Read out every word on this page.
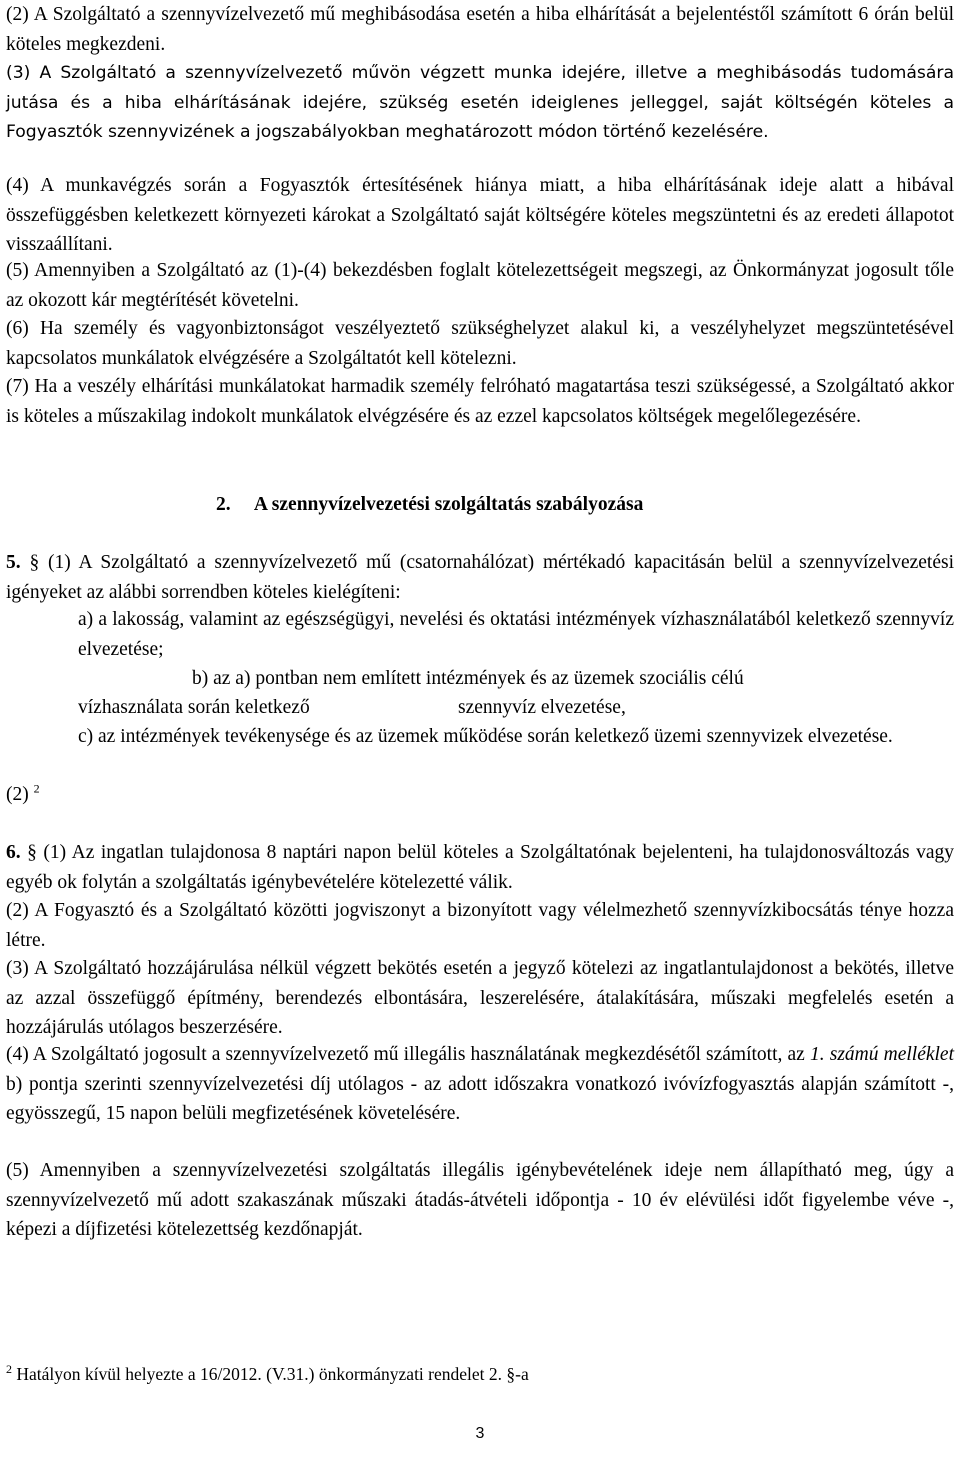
(2) A Szolgáltató a szennyvízelvezető mű meghibásodása esetén a hiba elhárítását a bejelentéstől számított 6 órán belül köteles megkezdeni.

(3) A Szolgáltató a szennyvízelvezető művön végzett munka idejére, illetve a meghibásodás tudomására jutása és a hiba elhárításának idejére, szükség esetén ideiglenes jelleggel, saját költségén köteles a Fogyasztók szennyvizének a jogszabályokban meghatározott módon történő kezelésére.

(4) A munkavégzés során a Fogyasztók értesítésének hiánya miatt, a hiba elhárításának ideje alatt a hibával összefüggésben keletkezett környezeti károkat a Szolgáltató saját költségére köteles megszüntetni és az eredeti állapotot visszaállítani.

(5) Amennyiben a Szolgáltató az (1)-(4) bekezdésben foglalt kötelezettségeit megszegi, az Önkormányzat jogosult tőle az okozott kár megtérítését követelni.

(6) Ha személy és vagyonbiztonságot veszélyeztető szükséghelyzet alakul ki, a veszélyhelyzet megszüntetésével kapcsolatos munkálatok elvégzésére a Szolgáltatót kell kötelezni.

(7) Ha a veszély elhárítási munkálatokat harmadik személy felróható magatartása teszi szükségessé, a Szolgáltató akkor is köteles a műszakilag indokolt munkálatok elvégzésére és az ezzel kapcsolatos költségek megelőlegezésére.

2.     A szennyvízelvezetési szolgáltatás szabályozása

5. § (1) A Szolgáltató a szennyvízelvezető mű (csatornahálózat) mértékadó kapacitásán belül a szennyvízelvezetési igényeket az alábbi sorrendben köteles kielégíteni:

a) a lakosság, valamint az egészségügyi, nevelési és oktatási intézmények vízhasználatából keletkező szennyvíz elvezetése;

b) az a) pontban nem említett intézmények és az üzemek szociális célú

vízhasználata során keletkező	szennyvíz elvezetése,

c) az intézmények tevékenysége és az üzemek működése során keletkező üzemi szennyvizek elvezetése.

(2) $^2$

6. § (1) Az ingatlan tulajdonosa 8 naptári napon belül köteles a Szolgáltatónak bejelenteni, ha tulajdonosváltozás vagy egyéb ok folytán a szolgáltatás igénybevételére kötelezetté válik.

(2) A Fogyasztó és a Szolgáltató közötti jogviszonyt a bizonyított vagy vélelmezhető szennyvízkibocsátás ténye hozza létre.

(3) A Szolgáltató hozzájárulása nélkül végzett bekötés esetén a jegyző kötelezi az ingatlantulajdonost a bekötés, illetve az azzal összefüggő építmény, berendezés elbontására, leszerelésére, átalakítására, műszaki megfelelés esetén a hozzájárulás utólagos beszerzésére.

(4) A Szolgáltató jogosult a szennyvízelvezető mű illegális használatának megkezdésétől számított, az 1. számú melléklet b) pontja szerinti szennyvízelvezetési díj utólagos - az adott időszakra vonatkozó ivóvízfogyasztás alapján számított -, egyösszegű, 15 napon belüli megfizetésének követelésére.

(5) Amennyiben a szennyvízelvezetési szolgáltatás illegális igénybevételének ideje nem állapítható meg, úgy a szennyvízelvezető mű adott szakaszának műszaki átadás-átvételi időpontja - 10 év elévülési időt figyelembe véve -, képezi a díjfizetési kötelezettség kezdőnapját.

$^2$ Hatályon kívül helyezte a 16/2012. (V.31.) önkormányzati rendelet 2. §-a

3
